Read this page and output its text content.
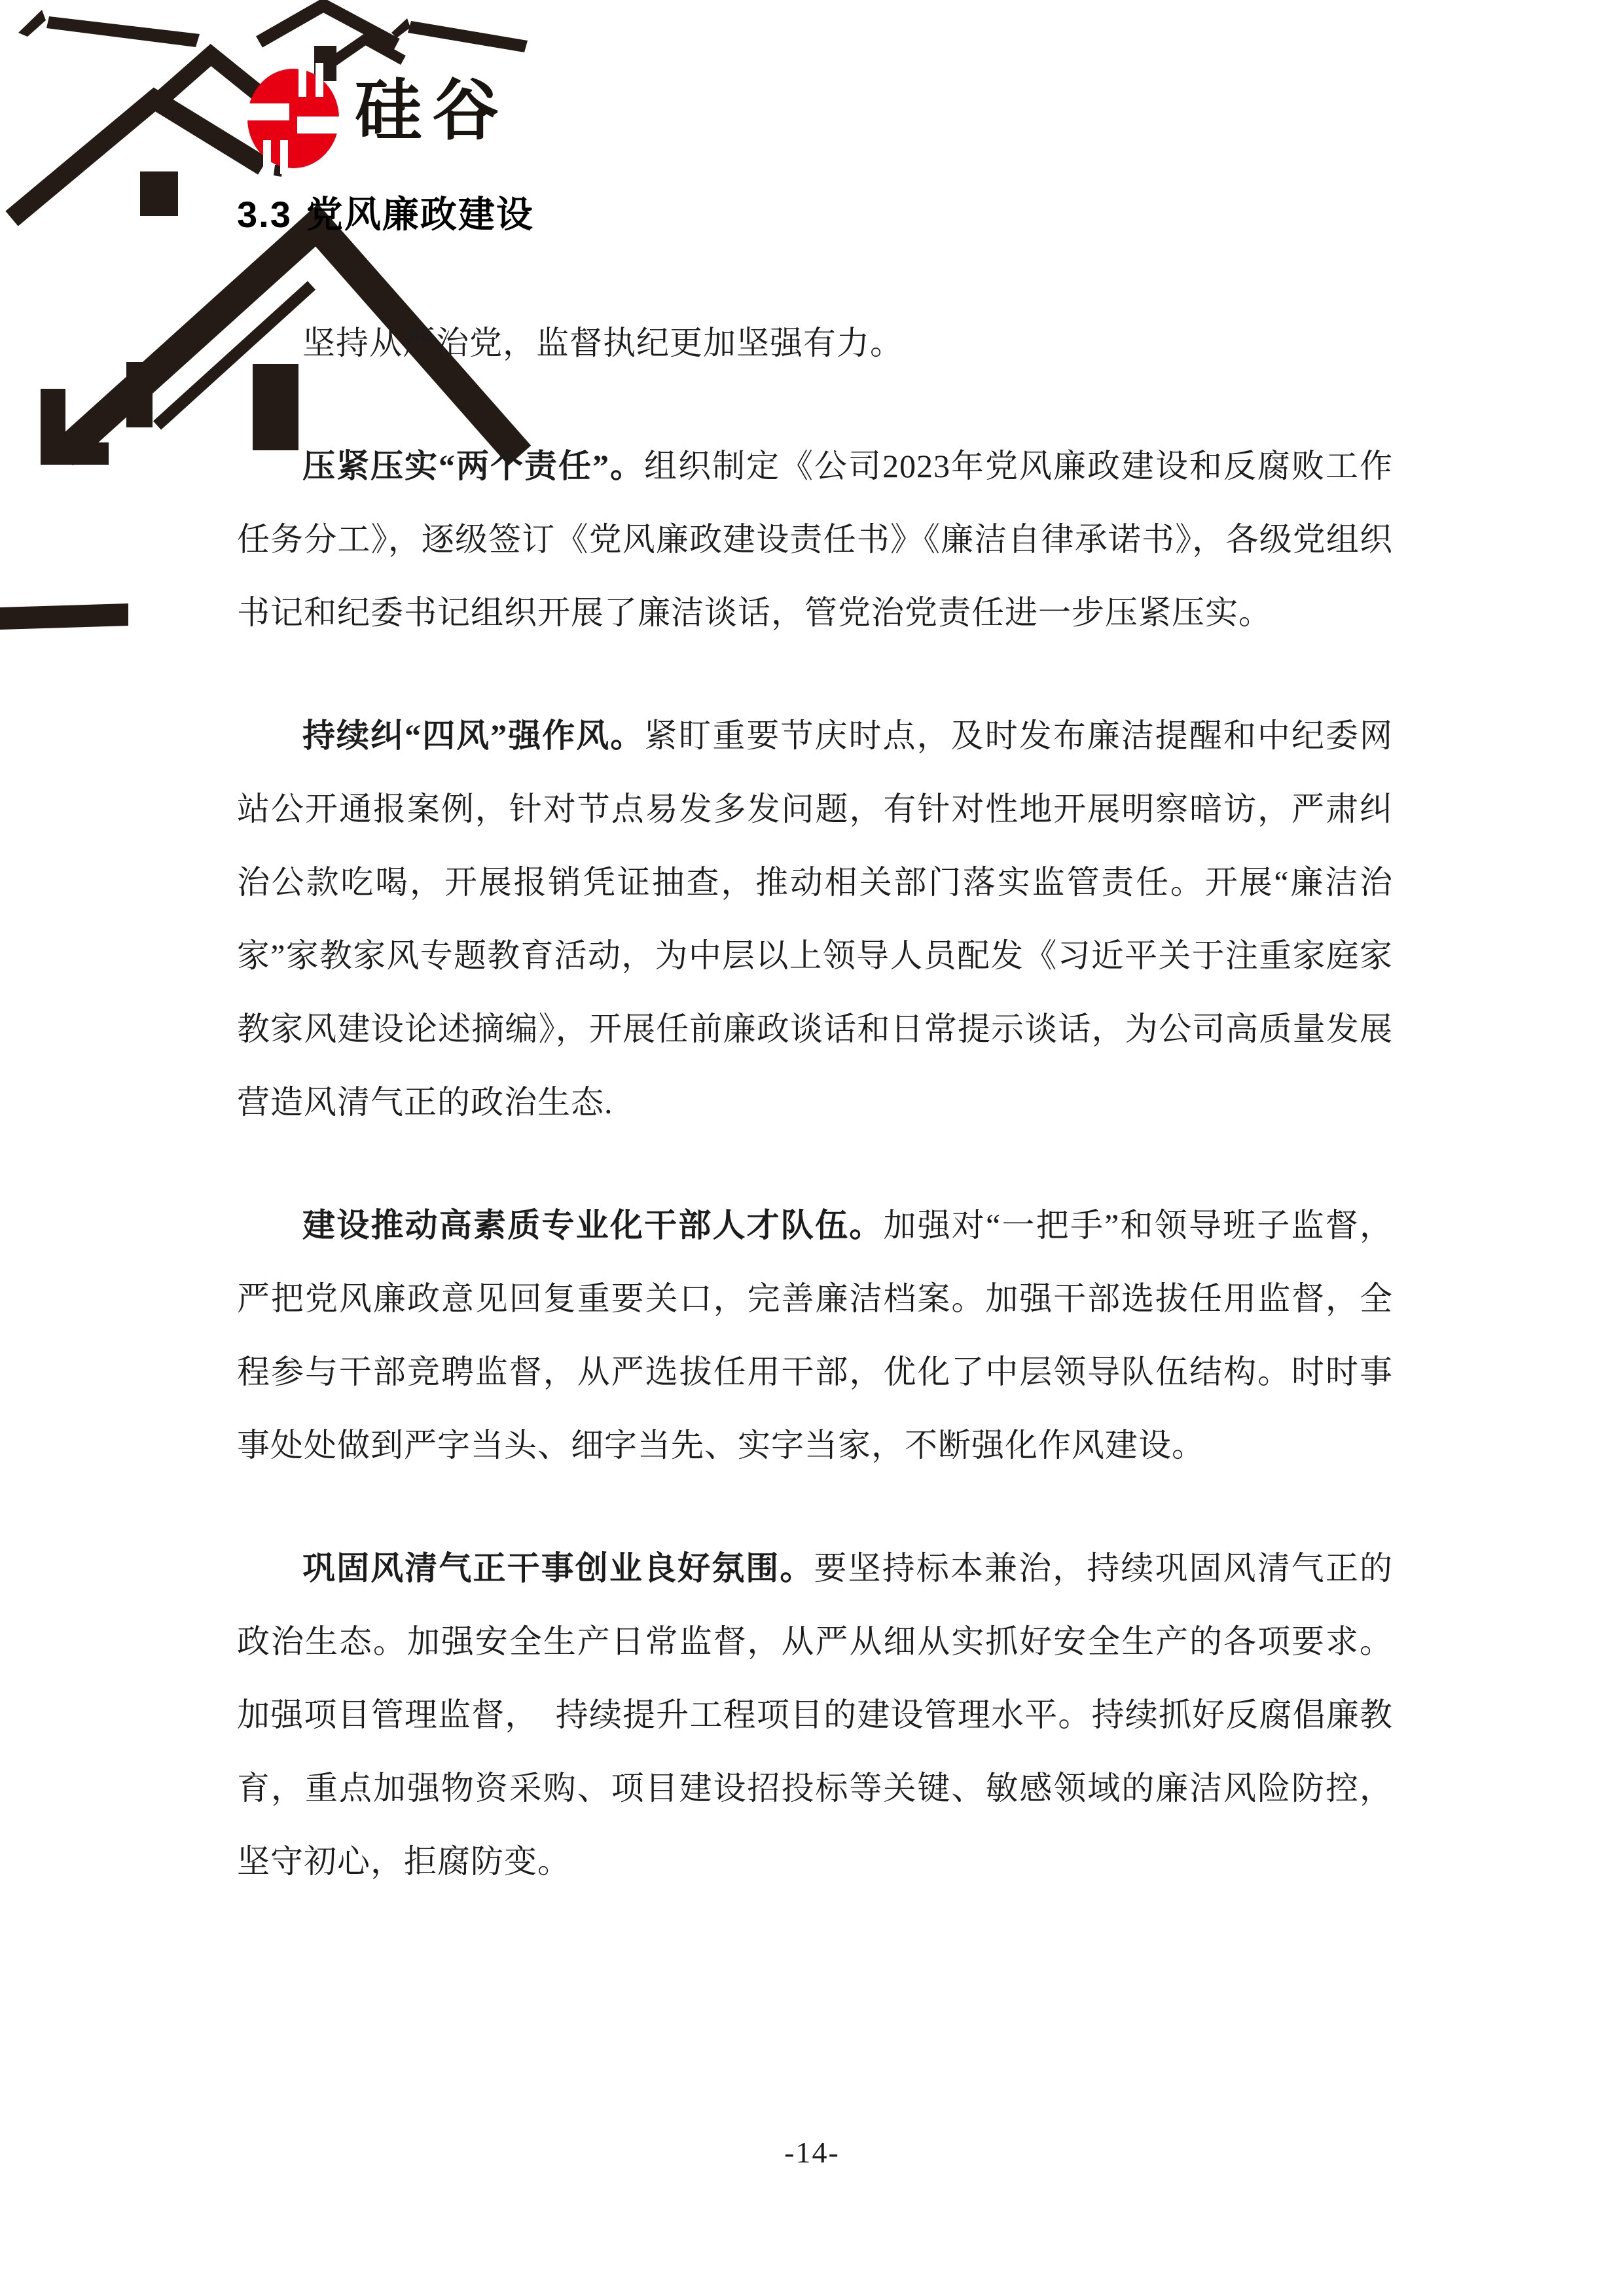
硅谷
3.3 党风廉政建设

坚持从严治党，监督执纪更加坚强有力。

压紧压实“两个责任”。组织制定《公司2023年党风廉政建设和反腐败工作任务分工》，逐级签订《党风廉政建设责任书》《廉洁自律承诺书》，各级党组织书记和纪委书记组织开展了廉洁谈话，管党治党责任进一步压紧压实。

持续纠“四风”强作风。紧盯重要节庆时点，及时发布廉洁提醒和中纪委网站公开通报案例，针对节点易发多发问题，有针对性地开展明察暗访，严肃纠治公款吃喝，开展报销凭证抽查，推动相关部门落实监管责任。开展“廉洁治家”家教家风专题教育活动，为中层以上领导人员配发《习近平关于注重家庭家教家风建设论述摘编》，开展任前廉政谈话和日常提示谈话，为公司高质量发展营造风清气正的政治生态.

建设推动高素质专业化干部人才队伍。加强对“一把手”和领导班子监督，严把党风廉政意见回复重要关口，完善廉洁档案。加强干部选拔任用监督，全程参与干部竞聘监督，从严选拔任用干部，优化了中层领导队伍结构。时时事事处处做到严字当头、细字当先、实字当家，不断强化作风建设。

巩固风清气正干事创业良好氛围。要坚持标本兼治，持续巩固风清气正的政治生态。加强安全生产日常监督，从严从细从实抓好安全生产的各项要求。加强项目管理监督，　持续提升工程项目的建设管理水平。持续抓好反腐倡廉教育，重点加强物资采购、项目建设招投标等关键、敏感领域的廉洁风险防控，坚守初心，拒腐防变。

-14-
